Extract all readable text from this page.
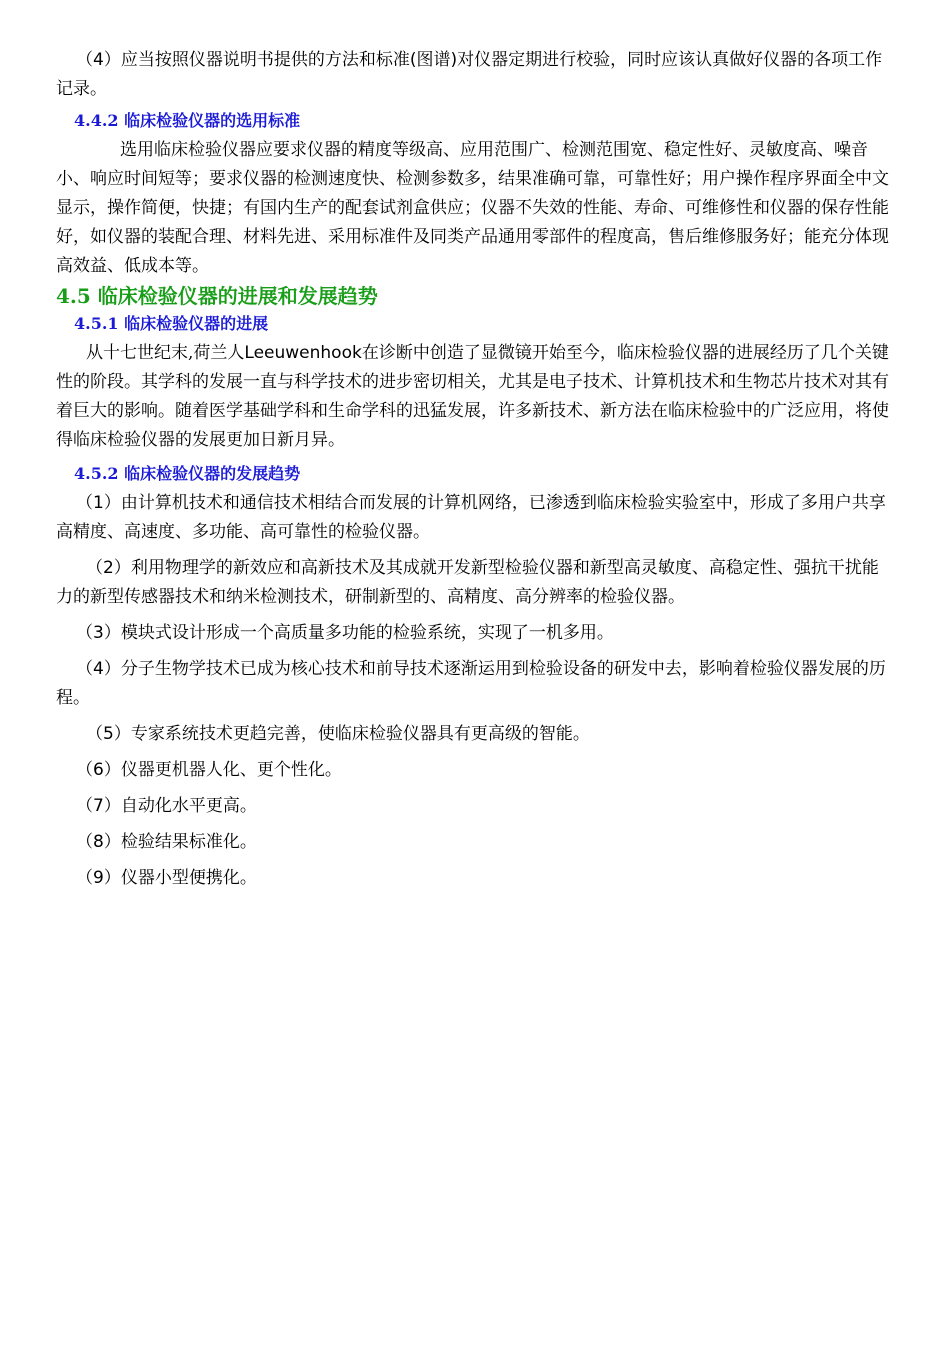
（4）应当按照仪器说明书提供的方法和标准(图谱)对仪器定期进行校验，同时应该认真做好仪器的各项工作记录。

4.4.2 临床检验仪器的选用标准

选用临床检验仪器应要求仪器的精度等级高、应用范围广、检测范围宽、稳定性好、灵敏度高、噪音小、响应时间短等；要求仪器的检测速度快、检测参数多，结果准确可靠，可靠性好；用户操作程序界面全中文显示，操作简便，快捷；有国内生产的配套试剂盒供应；仪器不失效的性能、寿命、可维修性和仪器的保存性能好，如仪器的装配合理、材料先进、采用标准件及同类产品通用零部件的程度高，售后维修服务好；能充分体现高效益、低成本等。

4.5 临床检验仪器的进展和发展趋势
4.5.1 临床检验仪器的进展

从十七世纪末,荷兰人Leeuwenhook在诊断中创造了显微镜开始至今，临床检验仪器的进展经历了几个关键性的阶段。其学科的发展一直与科学技术的进步密切相关，尤其是电子技术、计算机技术和生物芯片技术对其有着巨大的影响。随着医学基础学科和生命学科的迅猛发展，许多新技术、新方法在临床检验中的广泛应用，将使得临床检验仪器的发展更加日新月异。

4.5.2 临床检验仪器的发展趋势

（1）由计算机技术和通信技术相结合而发展的计算机网络，已渗透到临床检验实验室中，形成了多用户共享高精度、高速度、多功能、高可靠性的检验仪器。

（2）利用物理学的新效应和高新技术及其成就开发新型检验仪器和新型高灵敏度、高稳定性、强抗干扰能力的新型传感器技术和纳米检测技术，研制新型的、高精度、高分辨率的检验仪器。

（3）模块式设计形成一个高质量多功能的检验系统，实现了一机多用。

（4）分子生物学技术已成为核心技术和前导技术逐渐运用到检验设备的研发中去，影响着检验仪器发展的历程。

（5）专家系统技术更趋完善，使临床检验仪器具有更高级的智能。

（6）仪器更机器人化、更个性化。

（7）自动化水平更高。

（8）检验结果标准化。

（9）仪器小型便携化。
